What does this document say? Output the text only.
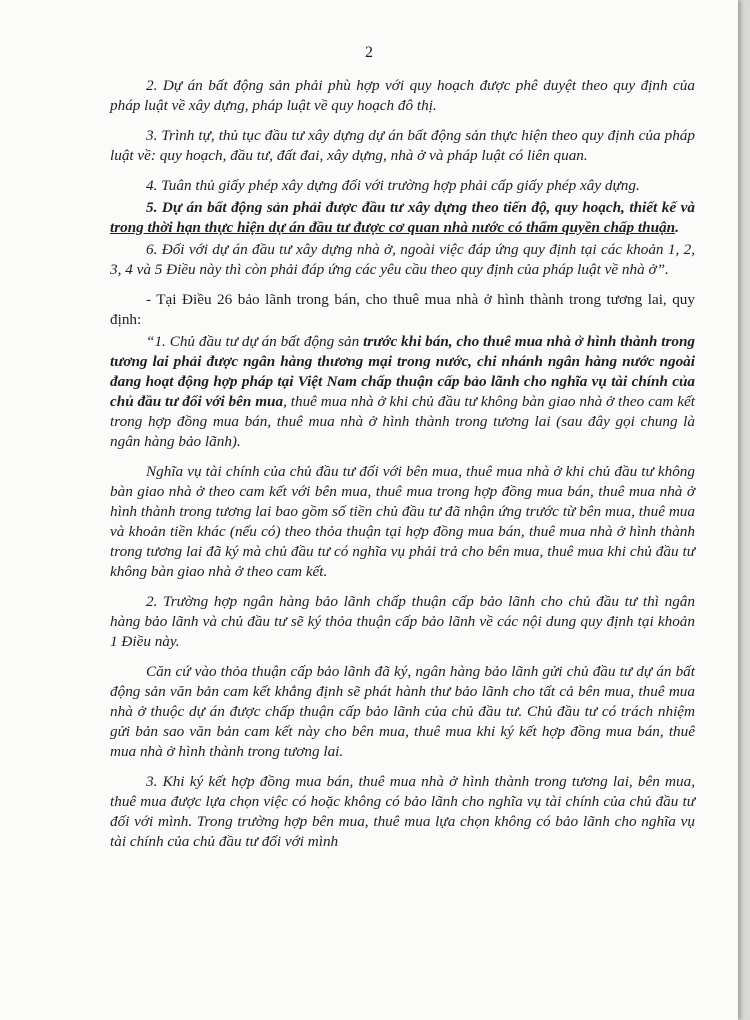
2

2. Dự án bất động sản phải phù hợp với quy hoạch được phê duyệt theo quy định của pháp luật về xây dựng, pháp luật về quy hoạch đô thị.

3. Trình tự, thủ tục đầu tư xây dựng dự án bất động sản thực hiện theo quy định của pháp luật về: quy hoạch, đầu tư, đất đai, xây dựng, nhà ở và pháp luật có liên quan.

4. Tuân thủ giấy phép xây dựng đối với trường hợp phải cấp giấy phép xây dựng.

5. Dự án bất động sản phải được đầu tư xây dựng theo tiến độ, quy hoạch, thiết kế và trong thời hạn thực hiện dự án đầu tư được cơ quan nhà nước có thẩm quyền chấp thuận.

6. Đối với dự án đầu tư xây dựng nhà ở, ngoài việc đáp ứng quy định tại các khoản 1, 2, 3, 4 và 5 Điều này thì còn phải đáp ứng các yêu cầu theo quy định của pháp luật về nhà ở”.

- Tại Điều 26 bảo lãnh trong bán, cho thuê mua nhà ở hình thành trong tương lai, quy định:

“1. Chủ đầu tư dự án bất động sản trước khi bán, cho thuê mua nhà ở hình thành trong tương lai phải được ngân hàng thương mại trong nước, chi nhánh ngân hàng nước ngoài đang hoạt động hợp pháp tại Việt Nam chấp thuận cấp bảo lãnh cho nghĩa vụ tài chính của chủ đầu tư đối với bên mua, thuê mua nhà ở khi chủ đầu tư không bàn giao nhà ở theo cam kết trong hợp đồng mua bán, thuê mua nhà ở hình thành trong tương lai (sau đây gọi chung là ngân hàng bảo lãnh).

Nghĩa vụ tài chính của chủ đầu tư đối với bên mua, thuê mua nhà ở khi chủ đầu tư không bàn giao nhà ở theo cam kết với bên mua, thuê mua trong hợp đồng mua bán, thuê mua nhà ở hình thành trong tương lai bao gồm số tiền chủ đầu tư đã nhận ứng trước từ bên mua, thuê mua và khoản tiền khác (nếu có) theo thỏa thuận tại hợp đồng mua bán, thuê mua nhà ở hình thành trong tương lai đã ký mà chủ đầu tư có nghĩa vụ phải trả cho bên mua, thuê mua khi chủ đầu tư không bàn giao nhà ở theo cam kết.

2. Trường hợp ngân hàng bảo lãnh chấp thuận cấp bảo lãnh cho chủ đầu tư thì ngân hàng bảo lãnh và chủ đầu tư sẽ ký thỏa thuận cấp bảo lãnh về các nội dung quy định tại khoản 1 Điều này.

Căn cứ vào thỏa thuận cấp bảo lãnh đã ký, ngân hàng bảo lãnh gửi chủ đầu tư dự án bất động sản văn bản cam kết khẳng định sẽ phát hành thư bảo lãnh cho tất cả bên mua, thuê mua nhà ở thuộc dự án được chấp thuận cấp bảo lãnh của chủ đầu tư. Chủ đầu tư có trách nhiệm gửi bản sao văn bản cam kết này cho bên mua, thuê mua khi ký kết hợp đồng mua bán, thuê mua nhà ở hình thành trong tương lai.

3. Khi ký kết hợp đồng mua bán, thuê mua nhà ở hình thành trong tương lai, bên mua, thuê mua được lựa chọn việc có hoặc không có bảo lãnh cho nghĩa vụ tài chính của chủ đầu tư đối với mình. Trong trường hợp bên mua, thuê mua lựa chọn không có bảo lãnh cho nghĩa vụ tài chính của chủ đầu tư đối với mình
